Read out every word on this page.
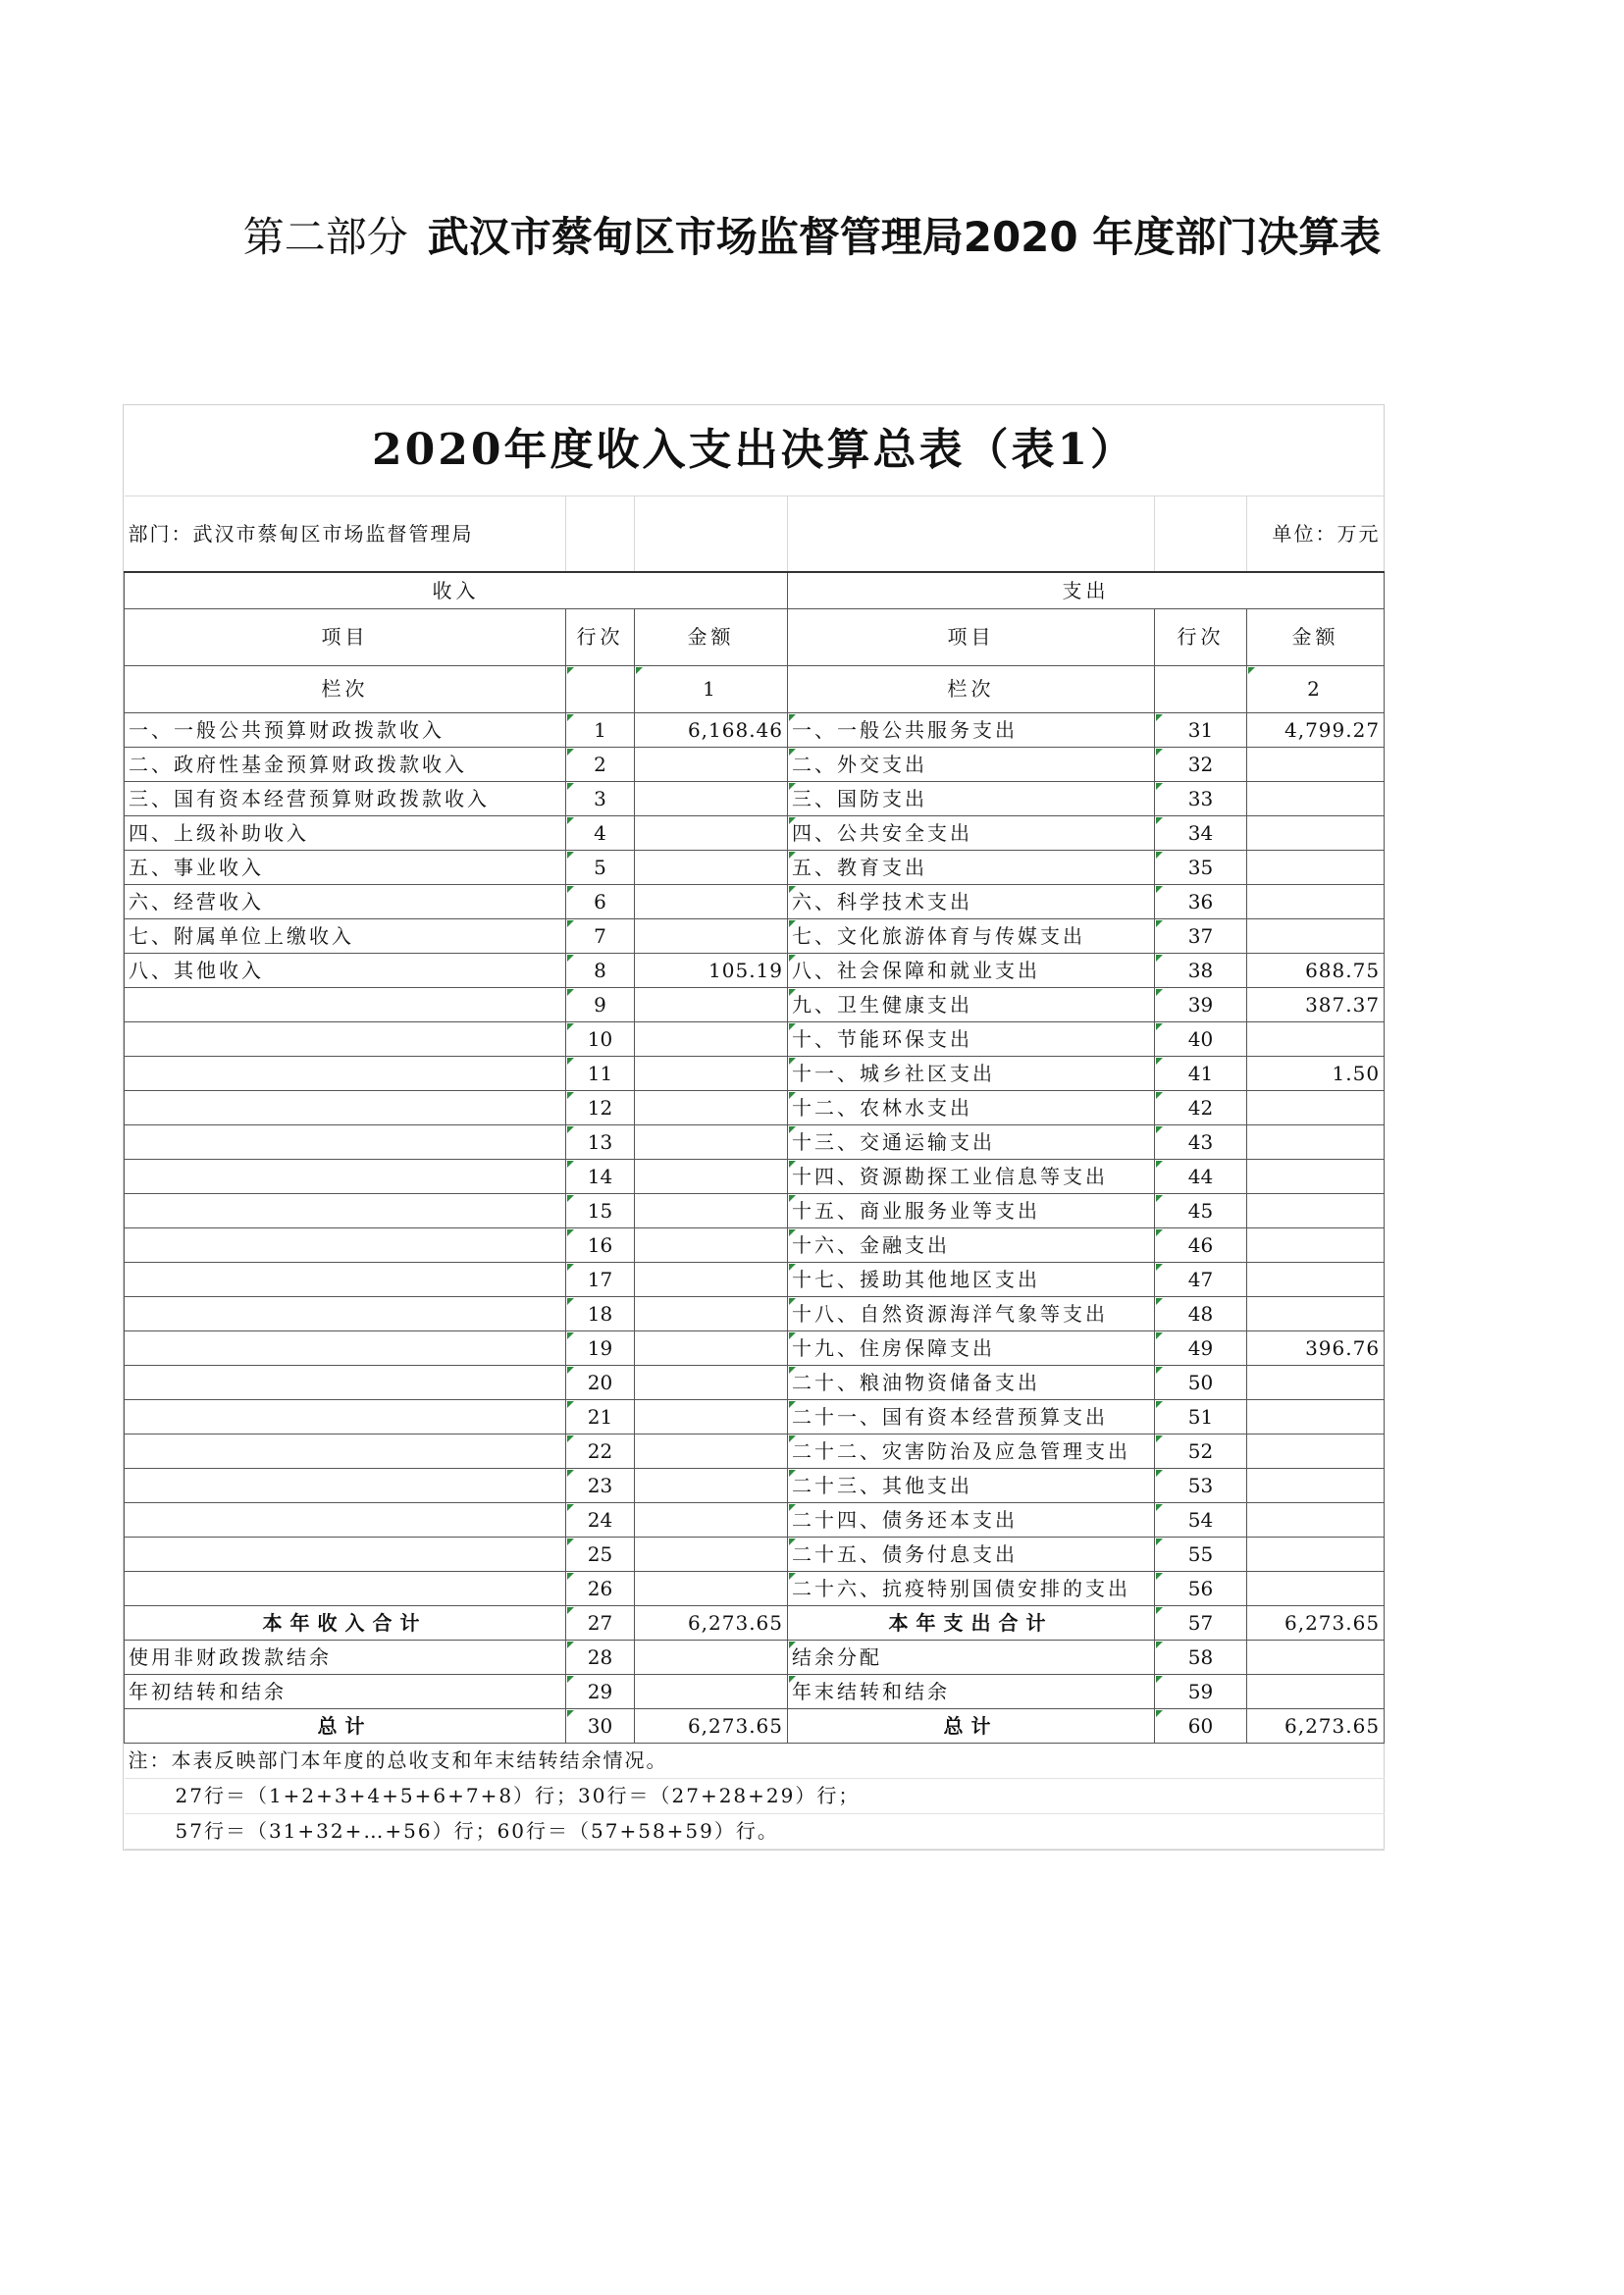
第二部分 武汉市蔡甸区市场监督管理局2020 年度部门决算表
2020年度收入支出决算总表（表1）					
部门：武汉市蔡甸区市场监督管理局					单位：万元
收入			支出		
项目	行次	金额	项目	行次	金额
栏次		1	栏次		2
一、一般公共预算财政拨款收入	1	6,168.46	一、一般公共服务支出	31	4,799.27
二、政府性基金预算财政拨款收入	2		二、外交支出	32	
三、国有资本经营预算财政拨款收入	3		三、国防支出	33	
四、上级补助收入	4		四、公共安全支出	34	
五、事业收入	5		五、教育支出	35	
六、经营收入	6		六、科学技术支出	36	
七、附属单位上缴收入	7		七、文化旅游体育与传媒支出	37	
八、其他收入	8	105.19	八、社会保障和就业支出	38	688.75
	9		九、卫生健康支出	39	387.37
	10		十、节能环保支出	40	
	11		十一、城乡社区支出	41	1.50
	12		十二、农林水支出	42	
	13		十三、交通运输支出	43	
	14		十四、资源勘探工业信息等支出	44	
	15		十五、商业服务业等支出	45	
	16		十六、金融支出	46	
	17		十七、援助其他地区支出	47	
	18		十八、自然资源海洋气象等支出	48	
	19		十九、住房保障支出	49	396.76
	20		二十、粮油物资储备支出	50	
	21		二十一、国有资本经营预算支出	51	
	22		二十二、灾害防治及应急管理支出	52	
	23		二十三、其他支出	53	
	24		二十四、债务还本支出	54	
	25		二十五、债务付息支出	55	
	26		二十六、抗疫特别国债安排的支出	56	
本年收入合计	27	6,273.65	本年支出合计	57	6,273.65
使用非财政拨款结余	28		结余分配	58	
年初结转和结余	29		年末结转和结余	59	
总计	30	6,273.65	总计	60	6,273.65
注：本表反映部门本年度的总收支和年末结转结余情况。					
27行＝（1+2+3+4+5+6+7+8）行；30行＝（27+28+29）行；					
57行＝（31+32+…+56）行；60行＝（57+58+59）行。					
